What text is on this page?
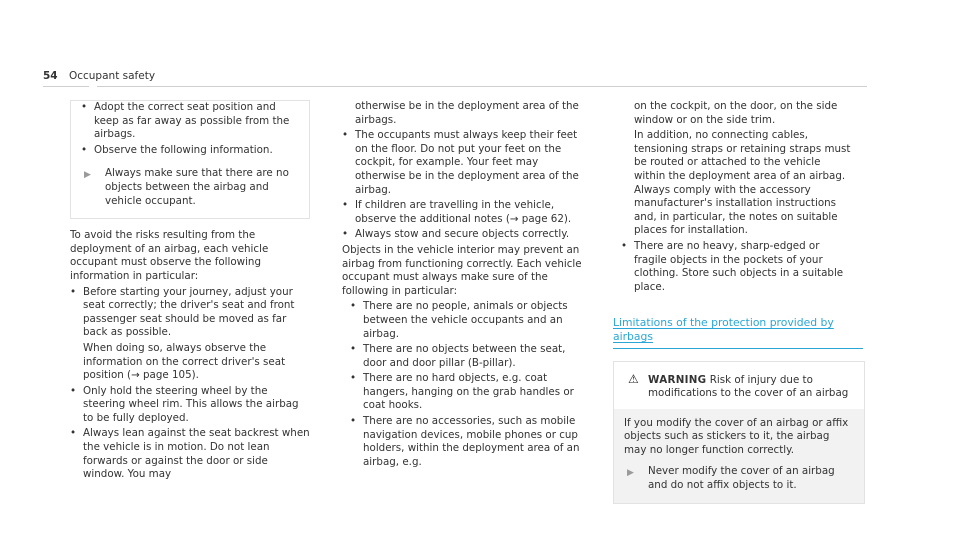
54 Occupant safety
• Adopt the correct seat position and keep as far away as possible from the airbags.
• Observe the following information.
▶ Always make sure that there are no objects between the airbag and vehicle occupant.

To avoid the risks resulting from the deployment of an airbag, each vehicle occupant must observe the following information in particular:

• Before starting your journey, adjust your seat correctly; the driver's seat and front passenger seat should be moved as far back as possible.
When doing so, always observe the information on the correct driver's seat position (→ page 105).
• Only hold the steering wheel by the steering wheel rim. This allows the airbag to be fully deployed.
• Always lean against the seat backrest when the vehicle is in motion. Do not lean forwards or against the door or side window. You may
otherwise be in the deployment area of the airbags.
• The occupants must always keep their feet on the floor. Do not put your feet on the cockpit, for example. Your feet may otherwise be in the deployment area of the airbag.
• If children are travelling in the vehicle, observe the additional notes (→ page 62).
• Always stow and secure objects correctly.

Objects in the vehicle interior may prevent an airbag from functioning correctly. Each vehicle occupant must always make sure of the following in particular:

• There are no people, animals or objects between the vehicle occupants and an airbag.
• There are no objects between the seat, door and door pillar (B-pillar).
• There are no hard objects, e.g. coat hangers, hanging on the grab handles or coat hooks.
• There are no accessories, such as mobile navigation devices, mobile phones or cup holders, within the deployment area of an airbag, e.g.
on the cockpit, on the door, on the side window or on the side trim.
In addition, no connecting cables, tensioning straps or retaining straps must be routed or attached to the vehicle within the deployment area of an airbag. Always comply with the accessory manufacturer's installation instructions and, in particular, the notes on suitable places for installation.
• There are no heavy, sharp-edged or fragile objects in the pockets of your clothing. Store such objects in a suitable place.
Limitations of the protection provided by airbags
⚠ WARNING Risk of injury due to modifications to the cover of an airbag

If you modify the cover of an airbag or affix objects such as stickers to it, the airbag may no longer function correctly.

▶ Never modify the cover of an airbag and do not affix objects to it.
